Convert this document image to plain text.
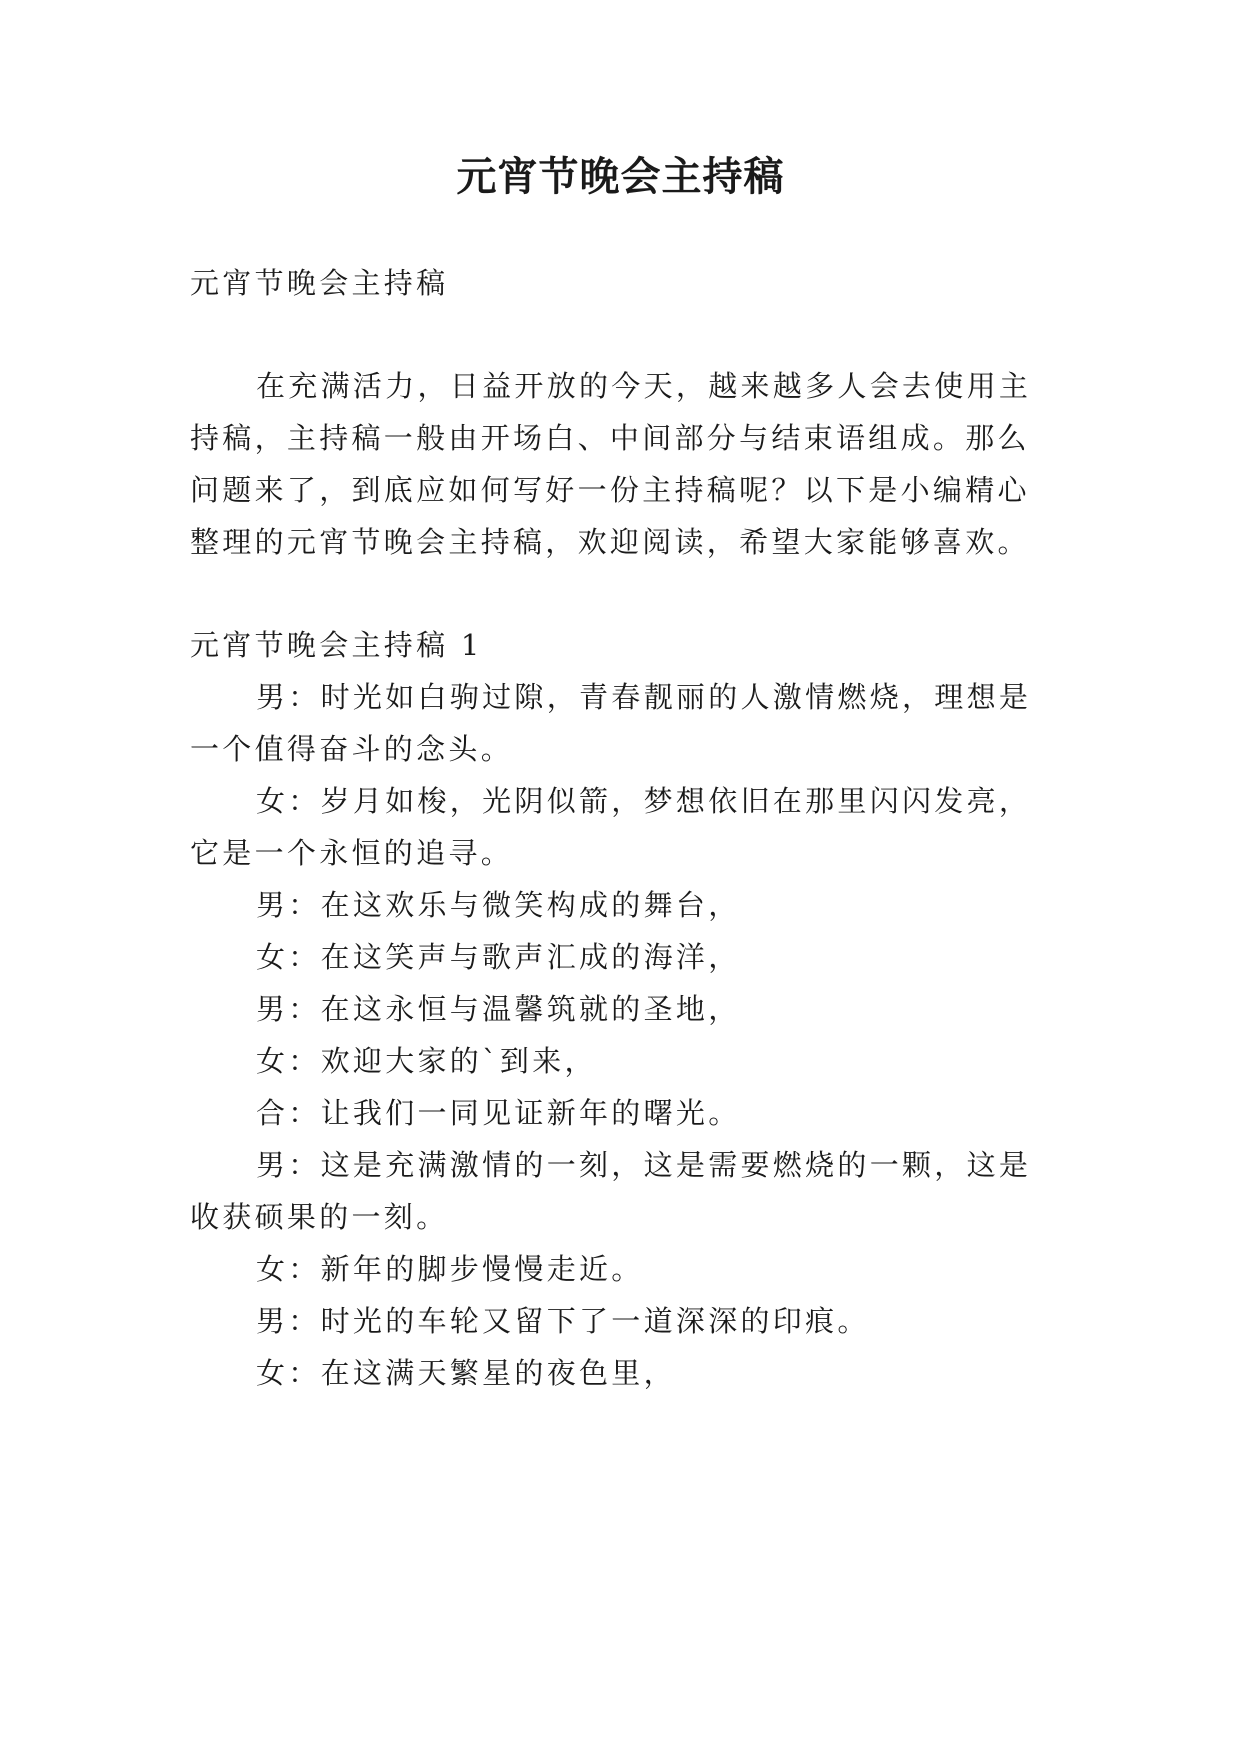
元宵节晚会主持稿

元宵节晚会主持稿

在充满活力，日益开放的今天，越来越多人会去使用主

持稿，主持稿一般由开场白、中间部分与结束语组成。那么

问题来了，到底应如何写好一份主持稿呢？以下是小编精心

整理的元宵节晚会主持稿，欢迎阅读，希望大家能够喜欢。

元宵节晚会主持稿 1

男：时光如白驹过隙，青春靓丽的人激情燃烧，理想是

一个值得奋斗的念头。

女：岁月如梭，光阴似箭，梦想依旧在那里闪闪发亮，

它是一个永恒的追寻。

男：在这欢乐与微笑构成的舞台，

女：在这笑声与歌声汇成的海洋，

男：在这永恒与温馨筑就的圣地，

女：欢迎大家的`到来，

合：让我们一同见证新年的曙光。

男：这是充满激情的一刻，这是需要燃烧的一颗，这是

收获硕果的一刻。

女：新年的脚步慢慢走近。

男：时光的车轮又留下了一道深深的印痕。

女：在这满天繁星的夜色里，
